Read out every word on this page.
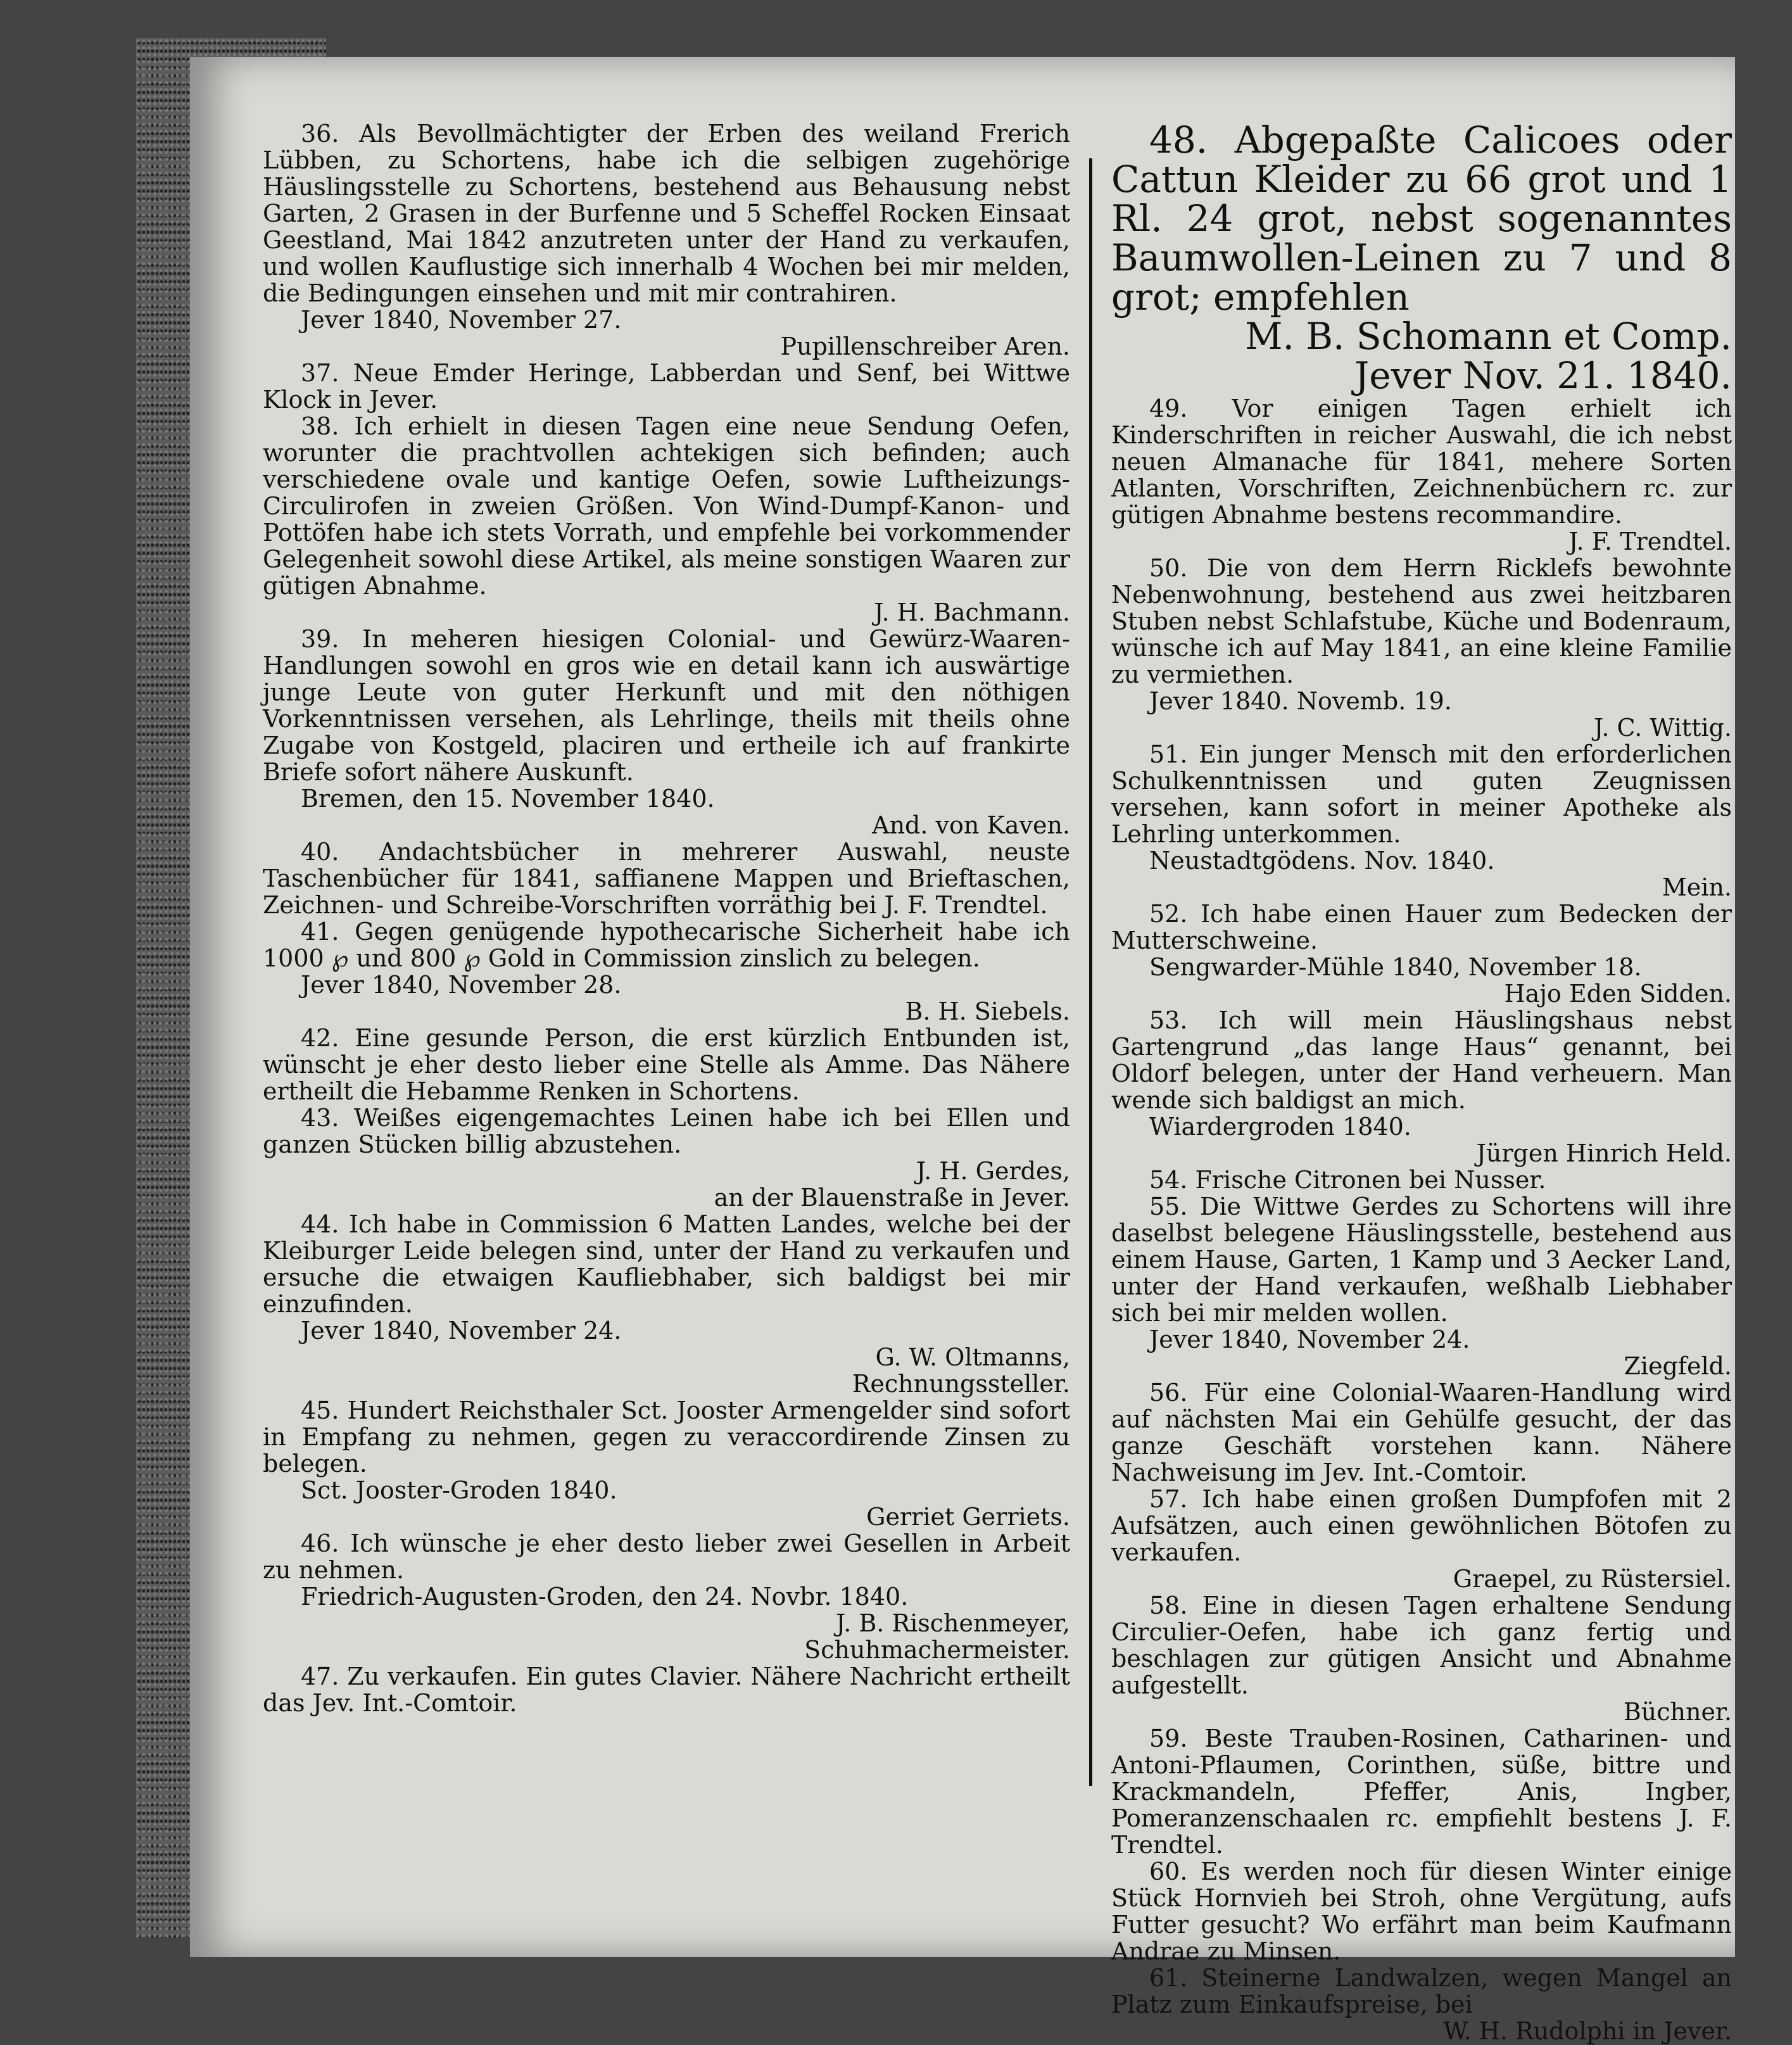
36. Als Bevollmächtigter der Erben des weiland Frerich Lübben, zu Schortens, habe ich die selbigen zugehörige Häuslingsstelle zu Schortens, bestehend aus Behausung nebst Garten, 2 Grasen in der Burfenne und 5 Scheffel Rocken Einsaat Geestland, Mai 1842 anzutreten unter der Hand zu verkaufen, und wollen Kauflustige sich innerhalb 4 Wochen bei mir melden, die Bedingungen einsehen und mit mir contrahiren.

Jever 1840, November 27.

Pupillenschreiber Aren.

37. Neue Emder Heringe, Labberdan und Senf, bei Wittwe Klock in Jever.

38. Ich erhielt in diesen Tagen eine neue Sendung Oefen, worunter die prachtvollen achtekigen sich befinden; auch verschiedene ovale und kantige Oefen, sowie Luftheizungs-Circulirofen in zweien Größen. Von Wind-Dumpf-Kanon- und Pottöfen habe ich stets Vorrath, und empfehle bei vorkommender Gelegenheit sowohl diese Artikel, als meine sonstigen Waaren zur gütigen Abnahme.

J. H. Bachmann.

39. In meheren hiesigen Colonial- und Gewürz-Waaren-Handlungen sowohl en gros wie en detail kann ich auswärtige junge Leute von guter Herkunft und mit den nöthigen Vorkenntnissen versehen, als Lehrlinge, theils mit theils ohne Zugabe von Kostgeld, placiren und ertheile ich auf frankirte Briefe sofort nähere Auskunft.

Bremen, den 15. November 1840.

And. von Kaven.

40. Andachtsbücher in mehrerer Auswahl, neuste Taschenbücher für 1841, saffianene Mappen und Brieftaschen, Zeichnen- und Schreibe-Vorschriften vorräthig bei J. F. Trendtel.

41. Gegen genügende hypothecarische Sicherheit habe ich 1000 ℘ und 800 ℘ Gold in Commission zinslich zu belegen.

Jever 1840, November 28.

B. H. Siebels.

42. Eine gesunde Person, die erst kürzlich Entbunden ist, wünscht je eher desto lieber eine Stelle als Amme. Das Nähere ertheilt die Hebamme Renken in Schortens.

43. Weißes eigengemachtes Leinen habe ich bei Ellen und ganzen Stücken billig abzustehen.

J. H. Gerdes,

an der Blauenstraße in Jever.

44. Ich habe in Commission 6 Matten Landes, welche bei der Kleiburger Leide belegen sind, unter der Hand zu verkaufen und ersuche die etwaigen Kaufliebhaber, sich baldigst bei mir einzufinden.

Jever 1840, November 24.

G. W. Oltmanns,

Rechnungssteller.

45. Hundert Reichsthaler Sct. Jooster Armengelder sind sofort in Empfang zu nehmen, gegen zu veraccordirende Zinsen zu belegen.

Sct. Jooster-Groden 1840.

Gerriet Gerriets.

46. Ich wünsche je eher desto lieber zwei Gesellen in Arbeit zu nehmen.

Friedrich-Augusten-Groden, den 24. Novbr. 1840.

J. B. Rischenmeyer,

Schuhmachermeister.

47. Zu verkaufen. Ein gutes Clavier. Nähere Nachricht ertheilt das Jev. Int.-Comtoir.

48. Abgepaßte Calicoes oder Cattun Kleider zu 66 grot und 1 Rl. 24 grot, nebst sogenanntes Baumwollen-Leinen zu 7 und 8 grot; empfehlen

M. B. Schomann et Comp.

Jever Nov. 21. 1840.

49. Vor einigen Tagen erhielt ich Kinderschriften in reicher Auswahl, die ich nebst neuen Almanache für 1841, mehere Sorten Atlanten, Vorschriften, Zeichnenbüchern rc. zur gütigen Abnahme bestens recommandire.

J. F. Trendtel.

50. Die von dem Herrn Ricklefs bewohnte Nebenwohnung, bestehend aus zwei heitzbaren Stuben nebst Schlafstube, Küche und Bodenraum, wünsche ich auf May 1841, an eine kleine Familie zu vermiethen.

Jever 1840. Novemb. 19.

J. C. Wittig.

51. Ein junger Mensch mit den erforderlichen Schulkenntnissen und guten Zeugnissen versehen, kann sofort in meiner Apotheke als Lehrling unterkommen.

Neustadtgödens. Nov. 1840.

Mein.

52. Ich habe einen Hauer zum Bedecken der Mutterschweine.

Sengwarder-Mühle 1840, November 18.

Hajo Eden Sidden.

53. Ich will mein Häuslingshaus nebst Gartengrund „das lange Haus“ genannt, bei Oldorf belegen, unter der Hand verheuern. Man wende sich baldigst an mich.

Wiardergroden 1840.

Jürgen Hinrich Held.

54. Frische Citronen bei Nusser.

55. Die Wittwe Gerdes zu Schortens will ihre daselbst belegene Häuslingsstelle, bestehend aus einem Hause, Garten, 1 Kamp und 3 Aecker Land, unter der Hand verkaufen, weßhalb Liebhaber sich bei mir melden wollen.

Jever 1840, November 24.

Ziegfeld.

56. Für eine Colonial-Waaren-Handlung wird auf nächsten Mai ein Gehülfe gesucht, der das ganze Geschäft vorstehen kann. Nähere Nachweisung im Jev. Int.-Comtoir.

57. Ich habe einen großen Dumpfofen mit 2 Aufsätzen, auch einen gewöhnlichen Bötofen zu verkaufen.

Graepel, zu Rüstersiel.

58. Eine in diesen Tagen erhaltene Sendung Circulier-Oefen, habe ich ganz fertig und beschlagen zur gütigen Ansicht und Abnahme aufgestellt.

Büchner.

59. Beste Trauben-Rosinen, Catharinen- und Antoni-Pflaumen, Corinthen, süße, bittre und Krackmandeln, Pfeffer, Anis, Ingber, Pomeranzenschaalen rc. empfiehlt bestens J. F. Trendtel.

60. Es werden noch für diesen Winter einige Stück Hornvieh bei Stroh, ohne Vergütung, aufs Futter gesucht? Wo erfährt man beim Kaufmann Andrae zu Minsen.

61. Steinerne Landwalzen, wegen Mangel an Platz zum Einkaufspreise, bei

W. H. Rudolphi in Jever.
